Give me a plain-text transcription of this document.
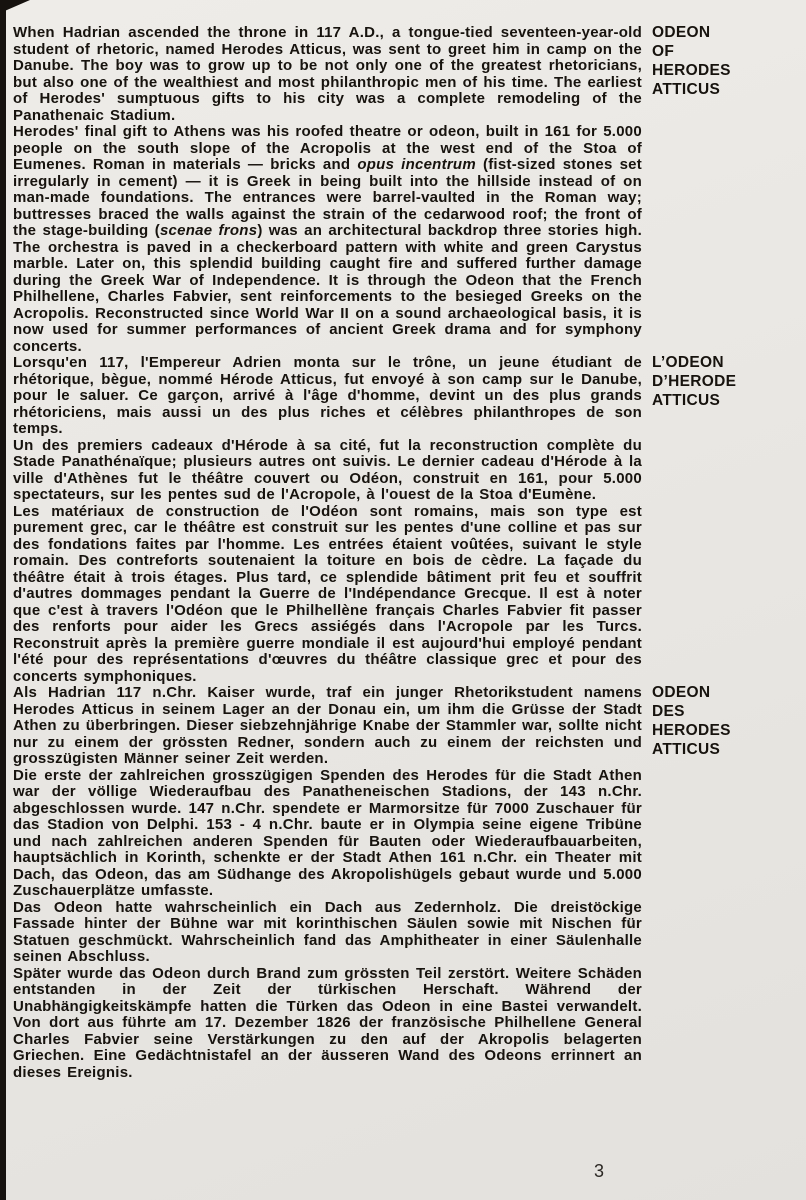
When Hadrian ascended the throne in 117 A.D., a tongue-tied seventeen-year-old student of rhetoric, named Herodes Atticus, was sent to greet him in camp on the Danube. The boy was to grow up to be not only one of the greatest rhetoricians, but also one of the wealthiest and most philanthropic men of his time. The earliest of Herodes' sumptuous gifts to his city was a complete remodeling of the Panathenaic Stadium.

Herodes' final gift to Athens was his roofed theatre or odeon, built in 161 for 5.000 people on the south slope of the Acropolis at the west end of the Stoa of Eumenes. Roman in materials — bricks and opus incentrum (fist-sized stones set irregularly in cement) — it is Greek in being built into the hillside instead of on man-made foundations. The entrances were barrel-vaulted in the Roman way; buttresses braced the walls against the strain of the cedarwood roof; the front of the stage-building (scenae frons) was an architectural backdrop three stories high. The orchestra is paved in a checkerboard pattern with white and green Carystus marble. Later on, this splendid building caught fire and suffered further damage during the Greek War of Independence. It is through the Odeon that the French Philhellene, Charles Fabvier, sent reinforcements to the besieged Greeks on the Acropolis. Reconstructed since World War II on a sound archaeological basis, it is now used for summer performances of ancient Greek drama and for symphony concerts.

ODEON
OF
HERODES
ATTICUS

Lorsqu'en 117, l'Empereur Adrien monta sur le trône, un jeune étudiant de rhétorique, bègue, nommé Hérode Atticus, fut envoyé à son camp sur le Danube, pour le saluer. Ce garçon, arrivé à l'âge d'homme, devint un des plus grands rhétoriciens, mais aussi un des plus riches et célèbres philanthropes de son temps.

Un des premiers cadeaux d'Hérode à sa cité, fut la reconstruction complète du Stade Panathénaïque; plusieurs autres ont suivis. Le dernier cadeau d'Hérode à la ville d'Athènes fut le théâtre couvert ou Odéon, construit en 161, pour 5.000 spectateurs, sur les pentes sud de l'Acropole, à l'ouest de la Stoa d'Eumène.

Les matériaux de construction de l'Odéon sont romains, mais son type est purement grec, car le théâtre est construit sur les pentes d'une colline et pas sur des fondations faites par l'homme. Les entrées étaient voûtées, suivant le style romain. Des contreforts soutenaient la toiture en bois de cèdre. La façade du théâtre était à trois étages. Plus tard, ce splendide bâtiment prit feu et souffrit d'autres dommages pendant la Guerre de l'Indépendance Grecque. Il est à noter que c'est à travers l'Odéon que le Philhellène français Charles Fabvier fit passer des renforts pour aider les Grecs assiégés dans l'Acropole par les Turcs. Reconstruit après la première guerre mondiale il est aujourd'hui employé pendant l'été pour des représentations d'œuvres du théâtre classique grec et pour des concerts symphoniques.

L’ODEON
D’HERODE
ATTICUS

Als Hadrian 117 n.Chr. Kaiser wurde, traf ein junger Rhetorikstudent namens Herodes Atticus in seinem Lager an der Donau ein, um ihm die Grüsse der Stadt Athen zu überbringen. Dieser siebzehnjährige Knabe der Stammler war, sollte nicht nur zu einem der grössten Redner, sondern auch zu einem der reichsten und grosszügisten Männer seiner Zeit werden.

Die erste der zahlreichen grosszügigen Spenden des Herodes für die Stadt Athen war der völlige Wiederaufbau des Panatheneischen Stadions, der 143 n.Chr. abgeschlossen wurde. 147 n.Chr. spendete er Marmorsitze für 7000 Zuschauer für das Stadion von Delphi. 153 - 4 n.Chr. baute er in Olympia seine eigene Tribüne und nach zahlreichen anderen Spenden für Bauten oder Wiederaufbauarbeiten, hauptsächlich in Korinth, schenkte er der Stadt Athen 161 n.Chr. ein Theater mit Dach, das Odeon, das am Südhange des Akropolishügels gebaut wurde und 5.000 Zuschauerplätze umfasste.

Das Odeon hatte wahrscheinlich ein Dach aus Zedernholz. Die dreistöckige Fassade hinter der Bühne war mit korinthischen Säulen sowie mit Nischen für Statuen geschmückt. Wahrscheinlich fand das Amphitheater in einer Säulenhalle seinen Abschluss.

Später wurde das Odeon durch Brand zum grössten Teil zerstört. Weitere Schäden entstanden in der Zeit der türkischen Herschaft. Während der Unabhängigkeitskämpfe hatten die Türken das Odeon in eine Bastei verwandelt. Von dort aus führte am 17. Dezember 1826 der französische Philhellene General Charles Fabvier seine Verstärkungen zu den auf der Akropolis belagerten Griechen. Eine Gedächtnistafel an der äusseren Wand des Odeons errinnert an dieses Ereignis.

ODEON
DES
HERODES
ATTICUS
3
